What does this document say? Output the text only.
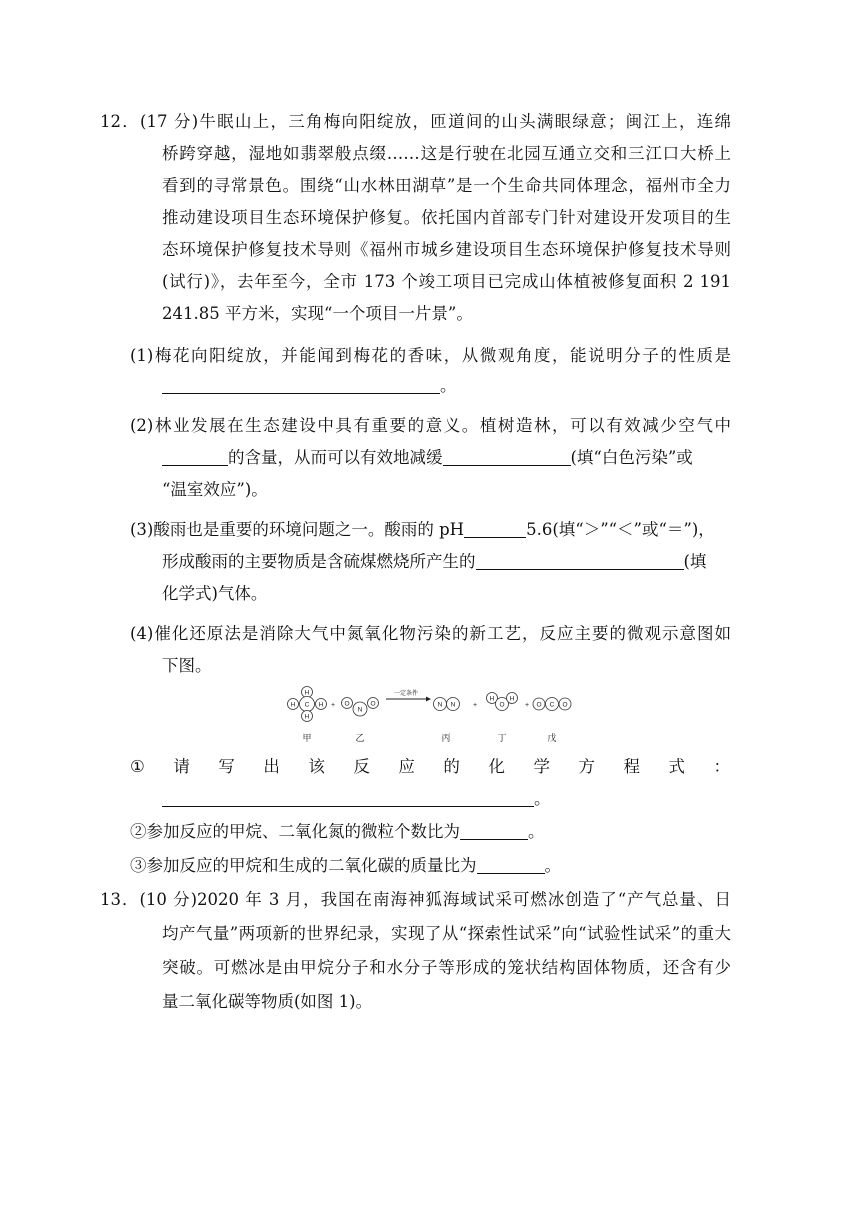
12．(17 分)牛眠山上，三角梅向阳绽放，匝道间的山头满眼绿意；闽江上，连绵
桥跨穿越，湿地如翡翠般点缀……这是行驶在北园互通立交和三江口大桥上
看到的寻常景色。围绕“山水林田湖草”是一个生命共同体理念，福州市全力
推动建设项目生态环境保护修复。依托国内首部专门针对建设开发项目的生
态环境保护修复技术导则《福州市城乡建设项目生态环境保护修复技术导则
(试行)》，去年至今，全市 173 个竣工项目已完成山体植被修复面积 2 191
241.85 平方米，实现“一个项目一片景”。
(1)梅花向阳绽放，并能闻到梅花的香味，从微观角度，能说明分子的性质是
。
(2)林业发展在生态建设中具有重要的意义。植树造林，可以有效减少空气中
的含量，从而可以有效地减缓	(填“白色污染”或
“温室效应”)。
(3)酸雨也是重要的环境问题之一。酸雨的 pH	5.6(填“＞”“＜”或“＝”)，
形成酸雨的主要物质是含硫煤燃烧所产生的	(填
化学式)气体。
(4)催化还原法是消除大气中氮氧化物污染的新工艺，反应主要的微观示意图如
下图。
H
H C H
H
O
N
O	N N
H
O
H
O C O
+	+	+
一定条件
甲	乙	丙	丁	戊
① 请 写 出 该 反 应 的 化 学 方 程 式 ：
。
②参加反应的甲烷、二氧化氮的微粒个数比为	。
③参加反应的甲烷和生成的二氧化碳的质量比为	。
13．(10 分)2020 年 3 月，我国在南海神狐海域试采可燃冰创造了“产气总量、日
均产气量”两项新的世界纪录，实现了从“探索性试采”向“试验性试采”的重大
突破。可燃冰是由甲烷分子和水分子等形成的笼状结构固体物质，还含有少
量二氧化碳等物质(如图 1)。
